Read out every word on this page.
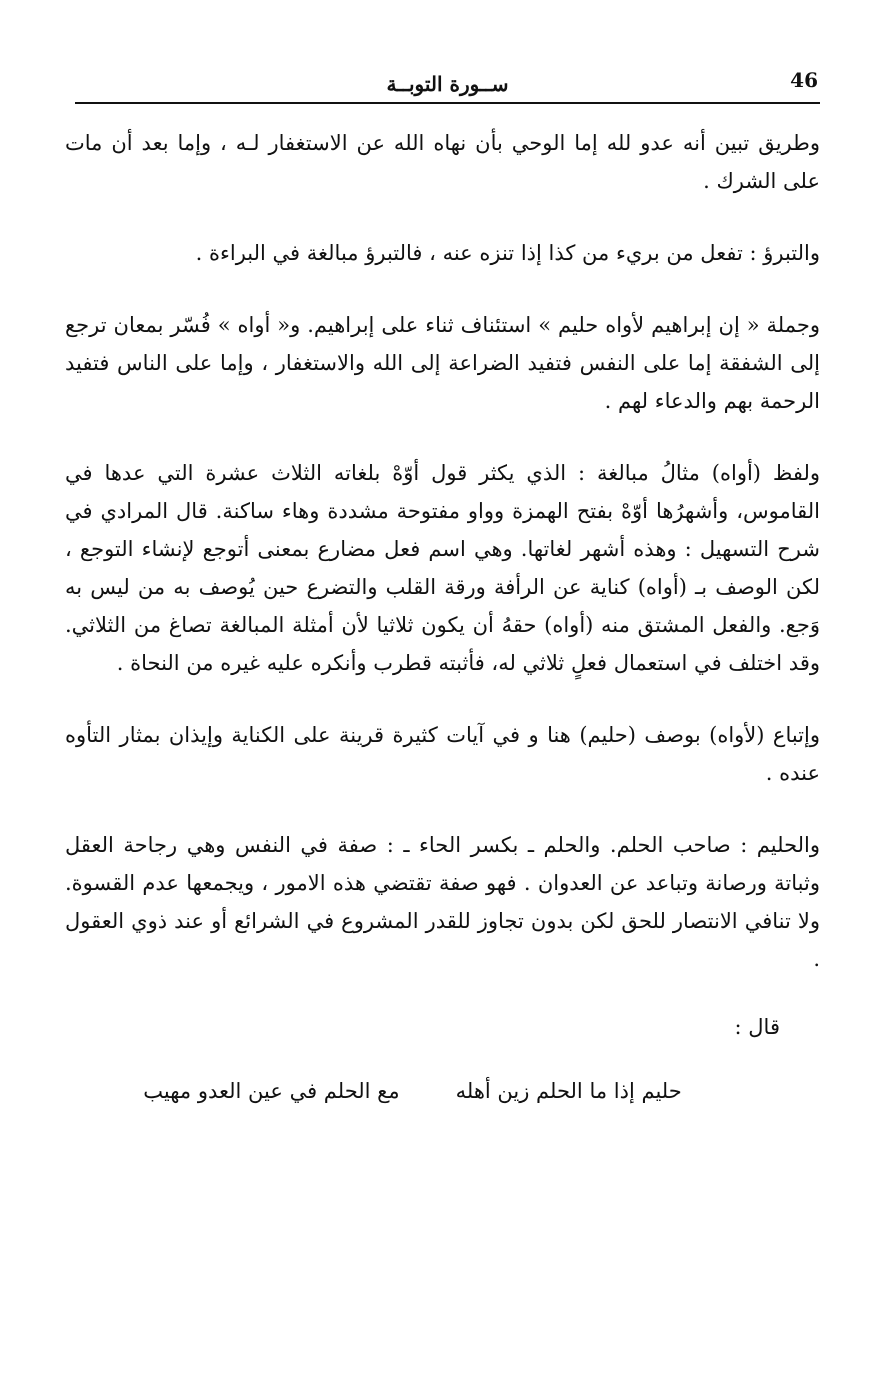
46
ســورة التوبــة

وطريق تبين أنه عدو لله إما الوحي بأن نهاه الله عن الاستغفار لـه ، وإما بعد أن مات على الشرك .

والتبرؤ : تفعل من بريء من كذا إذا تنزه عنه ، فالتبرؤ مبالغة في البراءة .

وجملة « إن إبراهيم لأواه حليم » استئناف ثناء على إبراهيم. و« أواه » فُسّر بمعان ترجع إلى الشفقة إما على النفس فتفيد الضراعة إلى الله والاستغفار ، وإما على الناس فتفيد الرحمة بهم والدعاء لهم .

ولفظ (أواه) مثالُ مبالغة : الذي يكثر قول أوّهْ بلغاته الثلاث عشرة التي عدها في القاموس، وأشهرُها أوّهْ بفتح الهمزة وواو مفتوحة مشددة وهاء ساكنة. قال المرادي في شرح التسهيل : وهذه أشهر لغاتها. وهي اسم فعل مضارع بمعنى أتوجع لإنشاء التوجع ، لكن الوصف بـ (أواه) كناية عن الرأفة ورقة القلب والتضرع حين يُوصف به من ليس به وَجع. والفعل المشتق منه (أواه) حقهُ أن يكون ثلاثيا لأن أمثلة المبالغة تصاغ من الثلاثي. وقد اختلف في استعمال فعلٍ ثلاثي له، فأثبته قطرب وأنكره عليه غيره من النحاة .

وإتباع (لأواه) بوصف (حليم) هنا و في آيات كثيرة قرينة على الكناية وإيذان بمثار التأوه عنده .

والحليم : صاحب الحلم. والحلم ـ بكسر الحاء ـ : صفة في النفس وهي رجاحة العقل وثباتة ورصانة وتباعد عن العدوان . فهو صفة تقتضي هذه الامور ، ويجمعها عدم القسوة. ولا تنافي الانتصار للحق لكن بدون تجاوز للقدر المشروع في الشرائع أو عند ذوي العقول .

قال :

حليم إذا ما الحلم زين أهله
مع الحلم في عين العدو مهيب
